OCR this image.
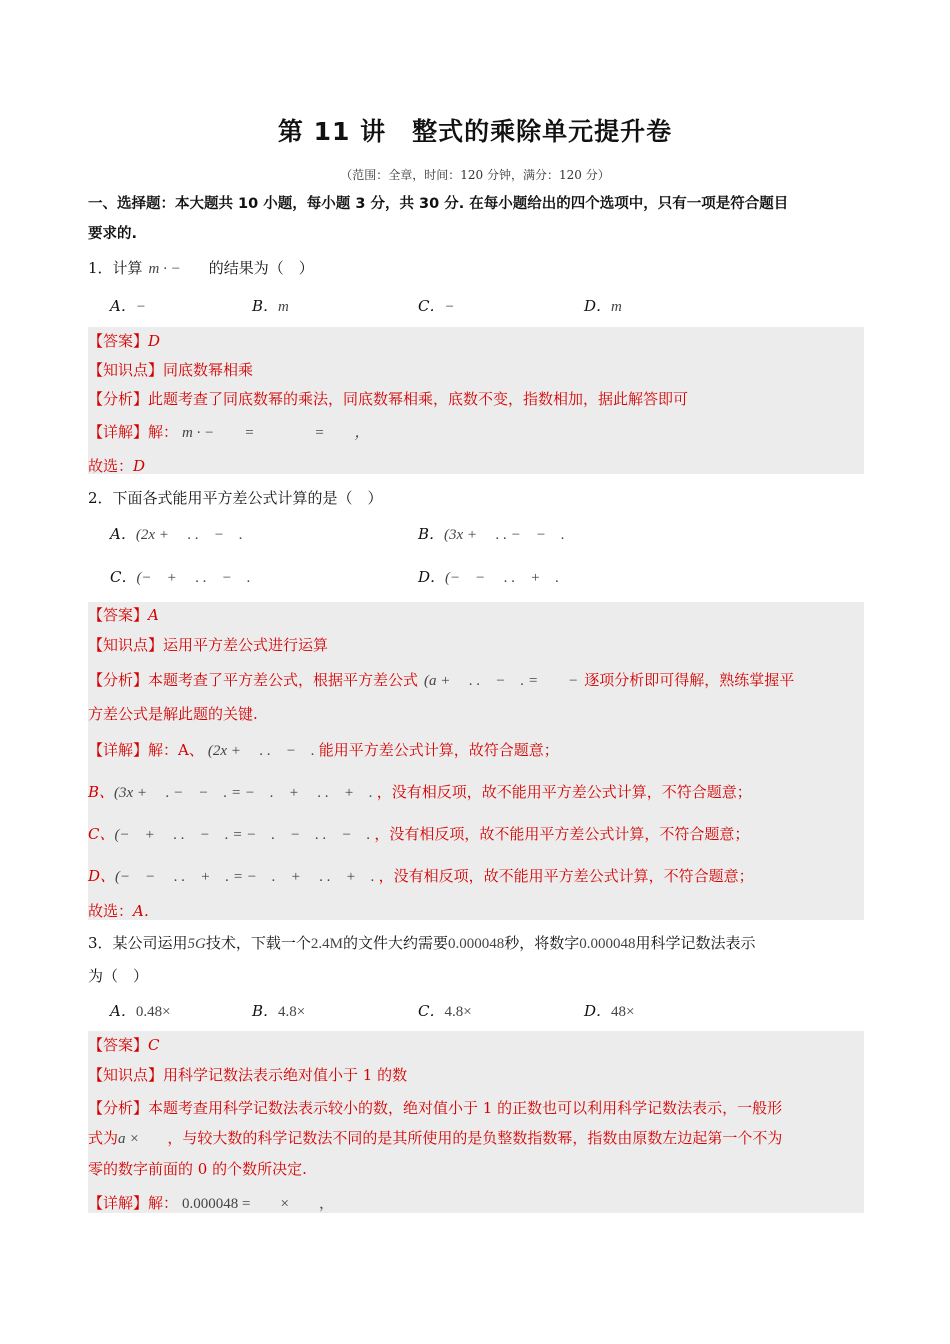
第 11 讲　整式的乘除单元提升卷
（范围：全章，时间：120 分钟，满分：120 分）
一、选择题：本大题共 10 小题，每小题 3 分，共 30 分. 在每小题给出的四个选项中，只有一项是符合题目
要求的.
1．计算 m · − 的结果为（　）
A．−	B．m	C．−	D．m
【答案】D
【知识点】同底数幂相乘
【分析】此题考查了同底数幂的乘法，同底数幂相乘，底数不变，指数相加，据此解答即可
【详解】解： m · −　　=　　　　=　　，
故选：D
2．下面各式能用平方差公式计算的是（　）
A．(2x +　 . .　−　.	B．(3x +　 . . −　−　.
C．(−　+　 . .　−　.	D．(−　−　 . .　+　.
【答案】A
【知识点】运用平方差公式进行运算
【分析】本题考查了平方差公式，根据平方差公式 (a +　 . .　−　. =　　− 逐项分析即可得解，熟练掌握平
方差公式是解此题的关键.
【详解】解：A、 (2x +　 . .　−　. 能用平方差公式计算，故符合题意；
B、(3x +　 . −　−　. = −　.　+　 . .　+　. ，没有相反项，故不能用平方差公式计算，不符合题意；
C、(−　+　 . .　−　. = −　.　−　. .　−　. ，没有相反项，故不能用平方差公式计算，不符合题意；
D、(−　−　 . .　+　. = −　.　+　 . .　+　. ，没有相反项，故不能用平方差公式计算，不符合题意；
故选：A．
3．某公司运用5G技术，下载一个2.4M的文件大约需要0.000048秒，将数字0.000048用科学记数法表示
为（　）
A．0.48×	B．4.8×	C．4.8×	D．48×
【答案】C
【知识点】用科学记数法表示绝对值小于 1 的数
【分析】本题考查用科学记数法表示较小的数，绝对值小于 1 的正数也可以利用科学记数法表示，一般形
式为a × ，与较大数的科学记数法不同的是其所使用的是负整数指数幂，指数由原数左边起第一个不为
零的数字前面的 0 的个数所决定.
【详解】解： 0.000048 =　　×　　，
